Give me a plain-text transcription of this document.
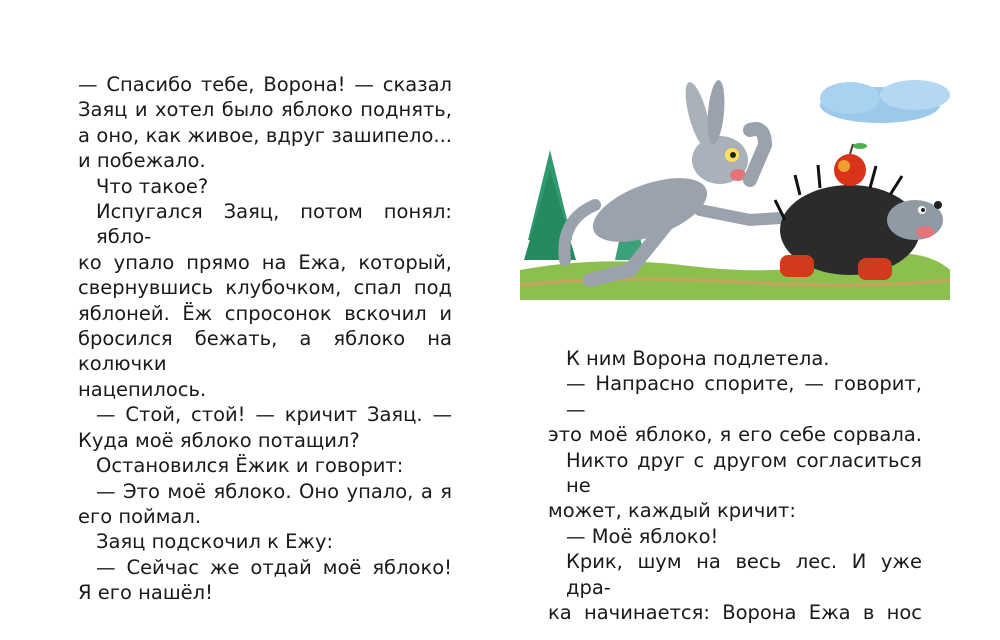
— Спасибо тебе, Ворона! — сказал
Заяц и хотел было яблоко поднять,
а оно, как живое, вдруг зашипело...
и побежало.
Что такое?
Испугался Заяц, потом понял: ябло-
ко упало прямо на Ежа, который,
свернувшись клубочком, спал под
яблоней. Ёж спросонок вскочил и
бросился бежать, а яблоко на колючки
нацепилось.
— Стой, стой! — кричит Заяц. —
Куда моё яблоко потащил?
Остановился Ёжик и говорит:
— Это моё яблоко. Оно упало, а я
его поймал.
Заяц подскочил к Ежу:
— Сейчас же отдай моё яблоко!
Я его нашёл!
К ним Ворона подлетела.
— Напрасно спорите, — говорит, —
это моё яблоко, я его себе сорвала.
Никто друг с другом согласиться не
может, каждый кричит:
— Моё яблоко!
Крик, шум на весь лес. И уже дра-
ка начинается: Ворона Ежа в нос
